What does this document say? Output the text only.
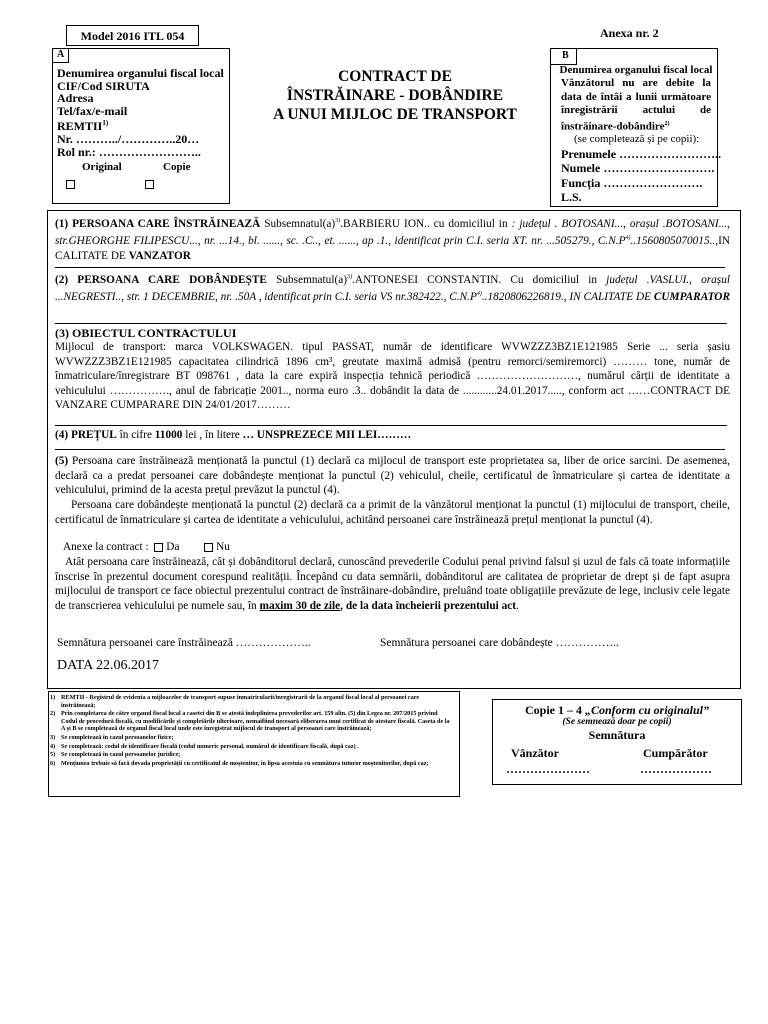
Model 2016 ITL 054	Anexa nr. 2
A
Denumirea organului fiscal local
CIF/Cod SIRUTA
Adresa
Tel/fax/e-mail
REMTII$^{1)}$
Nr. ………../…………..20…
Rol nr.: ……………………..
Original	Copie
CONTRACT DE
ÎNSTRĂINARE - DOBÂNDIRE
A UNUI MIJLOC DE TRANSPORT
B
Denumirea organului fiscal local
Vânzătorul nu are debite la data de întâi a lunii următoare înregistrării actului de înstrăinare-dobândire$^{2)}$
(se completează și pe copii):
Prenumele ……………………..
Numele ……………………….
Funcția …………………….
L.S.

(1) PERSOANA CARE ÎNSTRĂINEAZĂ $Subsemnatul(a)^{3)}.BARBIERU$ ION.. cu domiciliul in : județul . BOTOSANI..., orașul .BOTOSANI..., str.GHEORGHE FILIPESCU..., nr. ...14., bl. ......, sc. .C.., et. ......, ap .1., identificat prin C.I. seria XT. nr. ...505279., $C.N.P^{4)}..1560805070015..,IN$ CALITATE DE VANZATOR

(2) PERSOANA CARE DOBÂNDEȘTE $Subsemnatul(a)^{3)}.ANTONESEI$ CONSTANTIN. Cu domiciliul in județul .VASLUI., orașul ...NEGRESTI.., str. 1 DECEMBRIE, nr. .50A , identificat prin C.I. seria VS nr.382422., $C.N.P^{4)}..1820806226819$., IN CALITATE DE CUMPARATOR

(3) OBIECTUL CONTRACTULUI

Mijlocul de transport: marca VOLKSWAGEN. tipul PASSAT, număr de identificare WVWZZZ3BZ1E121985 Serie ... seria șasiu WVWZZZ3BZ1E121985 capacitatea cilindrică 1896 cm³, greutate maximă admisă (pentru remorci/semiremorci) ……… tone, număr de înmatriculare/înregistrare BT 098761 , data la care expiră inspecția tehnică periodică ………………………, numărul cărții de identitate a vehiculului ……………., anul de fabricație 2001.., norma euro .3.. dobândit la data de ............24.01.2017....., conform act ……CONTRACT DE VANZARE CUMPARARE DIN 24/01/2017………

(4) PREȚUL în cifre 11000 lei , în litere … UNSPREZECE MII LEI………

(5) Persoana care înstrăinează menționată la punctul (1) declară ca mijlocul de transport este proprietatea sa, liber de orice sarcini. De asemenea, declară ca a predat persoanei care dobândește menționat la punctul (2) vehiculul, cheile, certificatul de înmatriculare și cartea de identitate a vehiculului, primind de la acesta prețul prevăzut la punctul (4).

Persoana care dobândește menționată la punctul (2) declară ca a primit de la vânzătorul menționat la punctul (1) mijlocului de transport, cheile, certificatul de înmatriculare și cartea de identitate a vehiculului, achitând persoanei care înstrăinează prețul menționat la punctul (4).

Anexe la contract : Da	Nu

Atât persoana care înstrăinează, cât și dobânditorul declară, cunoscând prevederile Codului penal privind falsul și uzul de fals că toate informațiile înscrise în prezentul document corespund realității. Începând cu data semnării, dobânditorul are calitatea de proprietar de drept și de fapt asupra mijlocului de transport ce face obiectul prezentului contract de înstrăinare-dobândire, preluând toate obligațiile prevăzute de lege, inclusiv cele legate de transcrierea vehiculului pe numele sau, în maxim 30 de zile, de la data încheierii prezentului act.

Semnătura persoanei care înstrăinează ………………..	Semnătura persoanei care dobândește ……………..
DATA 22.06.2017
1) REMTII - Registrul de evidenta a mijloacelor de transport supuse inmatricularii/inregistrarii de la organul fiscal local al persoanei care înstrăinează;
2) Prin completarea de către organul fiscal local a casetei din B se atestă îndeplinirea prevederilor art. 159 alin. (5) din Legea nr. 207/2015 privind Codul de procedură fiscală, cu modificările și completările ulterioare, nemaifiind necesară eliberarea unui certificat de atestare fiscală. Caseta de la A și B se completează de organul fiscal local unde este înregistrat mijlocul de transport al persoanei care înstrăinează;
3) Se completează în cazul persoanelor fizice;
4) Se completează: codul de identificare fiscală (codul numeric personal, numărul de identificare fiscală, după caz) .
5) Se completează în cazul persoanelor juridice;
6) Mențiunea trebuie să facă dovada proprietății cu certificatul de moștenitor, în lipsa acestuia cu semnătura tuturor moștenitorilor, după caz;
Copie 1 – 4 „Conform cu originalul”
(Se semnează doar pe copii)
Semnătura
Vânzător	Cumpărător
…………………	………………
